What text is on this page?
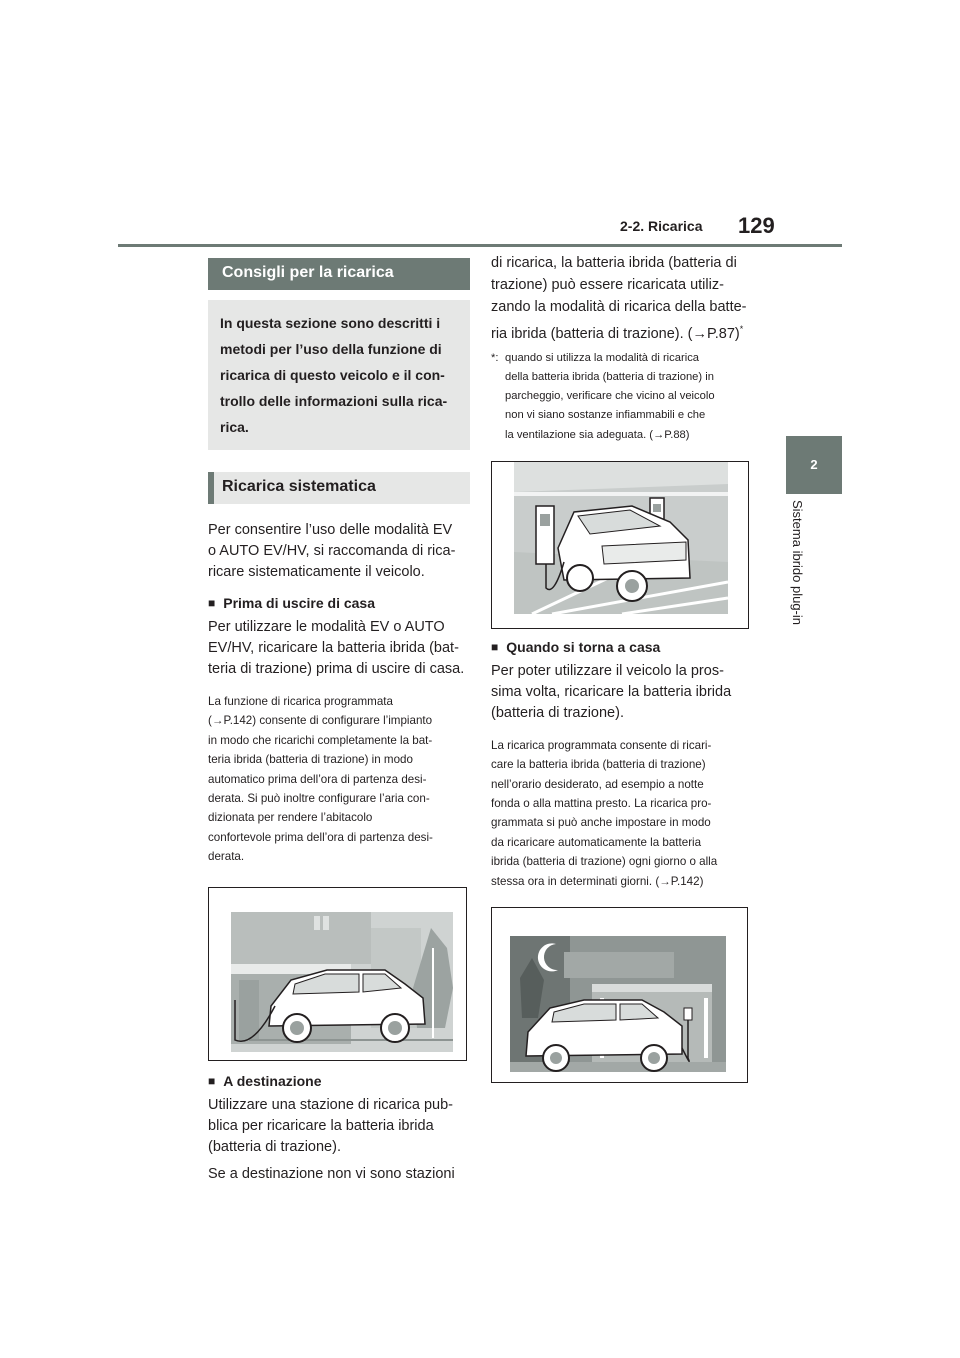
2-2. Ricarica 129
2
Sistema ibrido plug-in
Consigli per la ricarica
In questa sezione sono descritti i
metodi per l’uso della funzione di
ricarica di questo veicolo e il con-
trollo delle informazioni sulla rica-
rica.
Ricarica sistematica
Per consentire l’uso delle modalità EV
o AUTO EV/HV, si raccomanda di rica-
ricare sistematicamente il veicolo.
■ Prima di uscire di casa
Per utilizzare le modalità EV o AUTO
EV/HV, ricaricare la batteria ibrida (bat-
teria di trazione) prima di uscire di casa.
La funzione di ricarica programmata
(→P.142) consente di configurare l’impianto
in modo che ricarichi completamente la bat-
teria ibrida (batteria di trazione) in modo
automatico prima dell’ora di partenza desi-
derata. Si può inoltre configurare l’aria con-
dizionata per rendere l’abitacolo
confortevole prima dell’ora di partenza desi-
derata.
■ A destinazione
Utilizzare una stazione di ricarica pub-
blica per ricaricare la batteria ibrida
(batteria di trazione).
Se a destinazione non vi sono stazioni
di ricarica, la batteria ibrida (batteria di
trazione) può essere ricaricata utiliz-
zando la modalità di ricarica della batte-
ria ibrida (batteria di trazione). (→P.87)*
*: quando si utilizza la modalità di ricarica
della batteria ibrida (batteria di trazione) in
parcheggio, verificare che vicino al veicolo
non vi siano sostanze infiammabili e che
la ventilazione sia adeguata. (→P.88)
■ Quando si torna a casa
Per poter utilizzare il veicolo la pros-
sima volta, ricaricare la batteria ibrida
(batteria di trazione).
La ricarica programmata consente di ricari-
care la batteria ibrida (batteria di trazione)
nell’orario desiderato, ad esempio a notte
fonda o alla mattina presto. La ricarica pro-
grammata si può anche impostare in modo
da ricaricare automaticamente la batteria
ibrida (batteria di trazione) ogni giorno o alla
stessa ora in determinati giorni. (→P.142)
